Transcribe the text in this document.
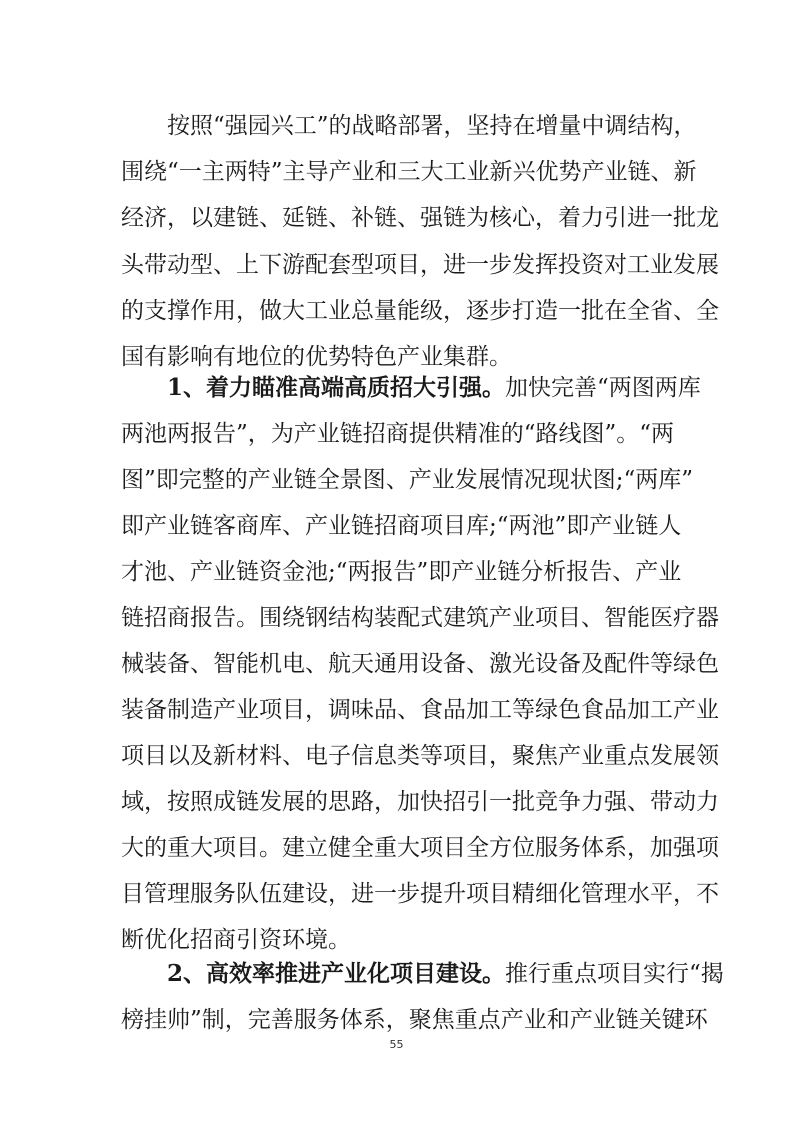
按照“强园兴工”的战略部署，坚持在增量中调结构，
围绕“一主两特”主导产业和三大工业新兴优势产业链、新
经济，以建链、延链、补链、强链为核心，着力引进一批龙
头带动型、上下游配套型项目，进一步发挥投资对工业发展
的支撑作用，做大工业总量能级，逐步打造一批在全省、全
国有影响有地位的优势特色产业集群。
1、着力瞄准高端高质招大引强。加快完善“两图两库
两池两报告”，为产业链招商提供精准的“路线图”。“两
图”即完整的产业链全景图、产业发展情况现状图;“两库”
即产业链客商库、产业链招商项目库;“两池”即产业链人
才池、产业链资金池;“两报告”即产业链分析报告、产业
链招商报告。围绕钢结构装配式建筑产业项目、智能医疗器
械装备、智能机电、航天通用设备、激光设备及配件等绿色
装备制造产业项目，调味品、食品加工等绿色食品加工产业
项目以及新材料、电子信息类等项目，聚焦产业重点发展领
域，按照成链发展的思路，加快招引一批竞争力强、带动力
大的重大项目。建立健全重大项目全方位服务体系，加强项
目管理服务队伍建设，进一步提升项目精细化管理水平，不
断优化招商引资环境。
2、高效率推进产业化项目建设。推行重点项目实行“揭
榜挂帅”制，完善服务体系，聚焦重点产业和产业链关键环
55
